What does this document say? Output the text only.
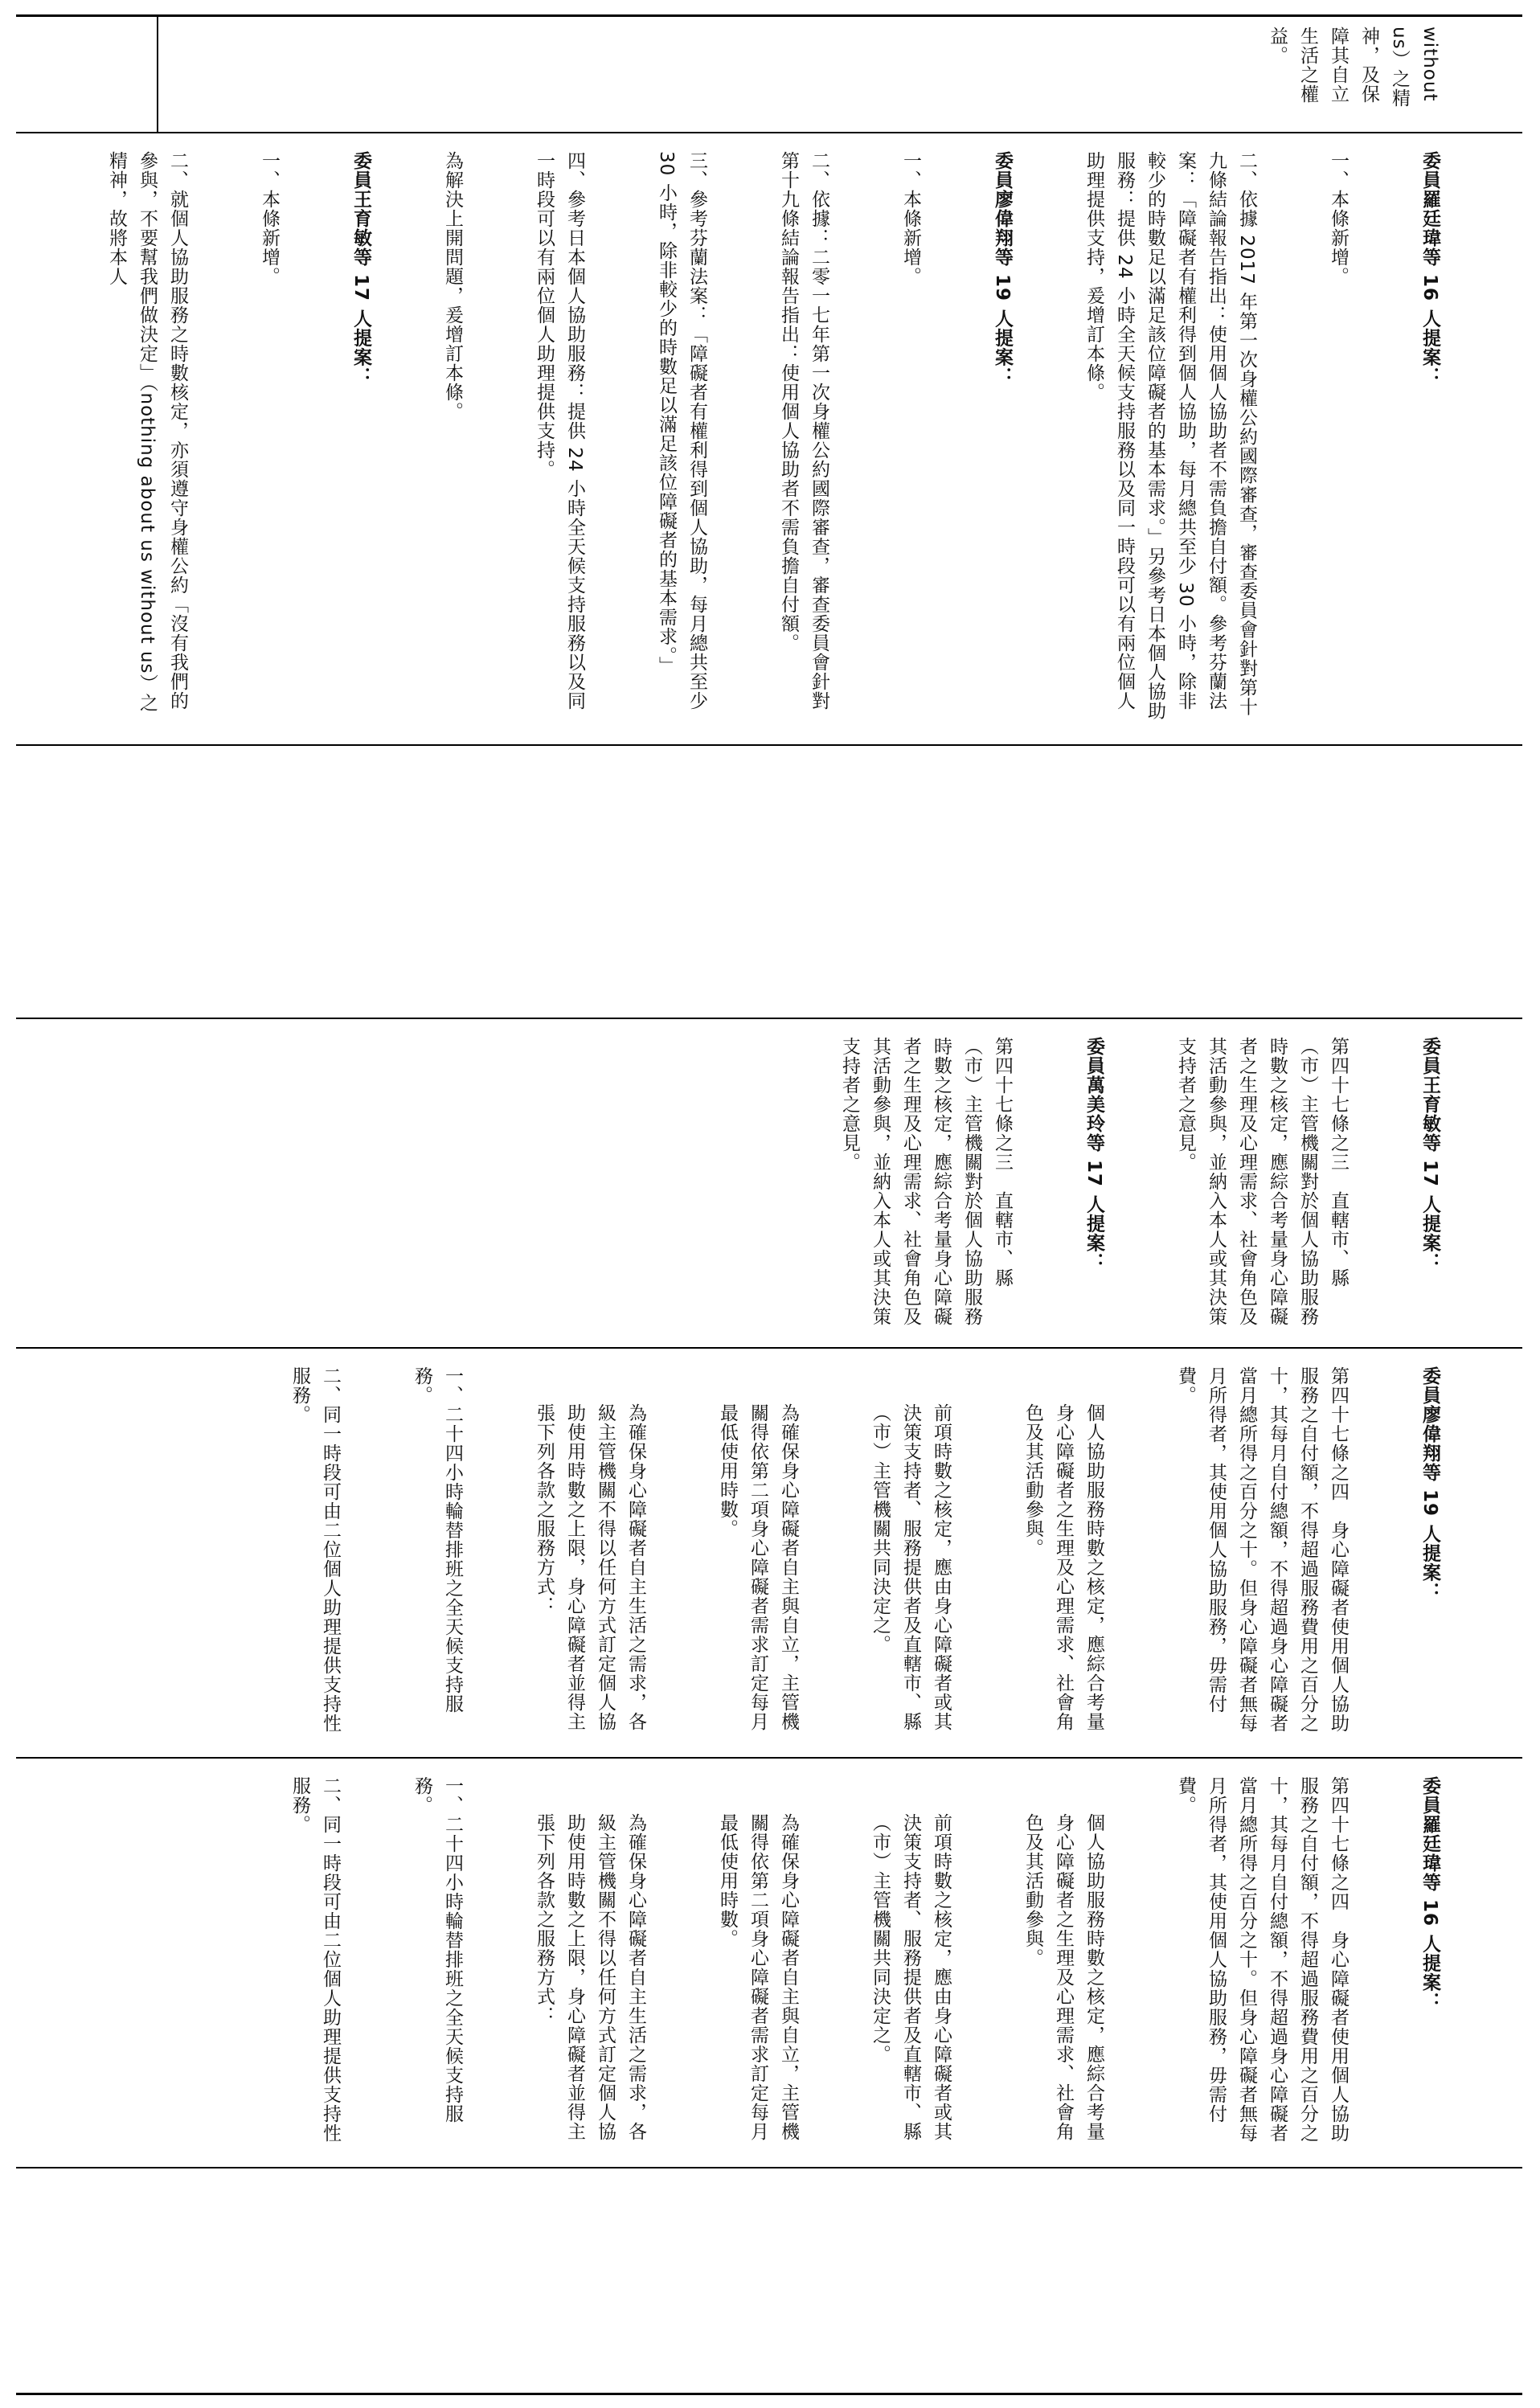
without us）之精神，及保障其自立生活之權益。

委員羅廷瑋等 16 人提案：

一、本條新增。

二、依據 2017 年第一次身權公約國際審查，審查委員會針對第十九條結論報告指出：使用個人協助者不需負擔自付額。參考芬蘭法案：「障礙者有權利得到個人協助，每月總共至少 30 小時，除非較少的時數足以滿足該位障礙者的基本需求。」另參考日本個人協助服務：提供 24 小時全天候支持服務以及同一時段可以有兩位個人助理提供支持，爰增訂本條。

委員廖偉翔等 19 人提案：

一、本條新增。

二、依據：二零一七年第一次身權公約國際審查，審查委員會針對第十九條結論報告指出：使用個人協助者不需負擔自付額。

三、參考芬蘭法案：「障礙者有權利得到個人協助，每月總共至少 30 小時，除非較少的時數足以滿足該位障礙者的基本需求。」

四、參考日本個人協助服務：提供 24 小時全天候支持服務以及同一時段可以有兩位個人助理提供支持。

為解決上開問題，爰增訂本條。

委員王育敏等 17 人提案：

一、本條新增。

二、就個人協助服務之時數核定，亦須遵守身權公約「沒有我們的參與，不要幫我們做決定」（nothing about us without us）之精神，故將本人

委員王育敏等 17 人提案：

第四十七條之三　直轄市、縣（市）主管機關對於個人協助服務時數之核定，應綜合考量身心障礙者之生理及心理需求、社會角色及其活動參與，並納入本人或其決策支持者之意見。

委員萬美玲等 17 人提案：

第四十七條之三　直轄市、縣（市）主管機關對於個人協助服務時數之核定，應綜合考量身心障礙者之生理及心理需求、社會角色及其活動參與，並納入本人或其決策支持者之意見。

委員廖偉翔等 19 人提案：

第四十七條之四　身心障礙者使用個人協助服務之自付額，不得超過服務費用之百分之十，其每月自付總額，不得超過身心障礙者當月總所得之百分之十。但身心障礙者無每月所得者，其使用個人協助服務，毋需付費。

個人協助服務時數之核定，應綜合考量身心障礙者之生理及心理需求、社會角色及其活動參與。

前項時數之核定，應由身心障礙者或其決策支持者、服務提供者及直轄市、縣（市）主管機關共同決定之。

為確保身心障礙者自主與自立，主管機關得依第二項身心障礙者需求訂定每月最低使用時數。

為確保身心障礙者自主生活之需求，各級主管機關不得以任何方式訂定個人協助使用時數之上限，身心障礙者並得主張下列各款之服務方式：

一、二十四小時輪替排班之全天候支持服務。

二、同一時段可由二位個人助理提供支持性服務。

委員羅廷瑋等 16 人提案：

第四十七條之四　身心障礙者使用個人協助服務之自付額，不得超過服務費用之百分之十，其每月自付總額，不得超過身心障礙者當月總所得之百分之十。但身心障礙者無每月所得者，其使用個人協助服務，毋需付費。

個人協助服務時數之核定，應綜合考量身心障礙者之生理及心理需求、社會角色及其活動參與。

前項時數之核定，應由身心障礙者或其決策支持者、服務提供者及直轄市、縣（市）主管機關共同決定之。

為確保身心障礙者自主與自立，主管機關得依第二項身心障礙者需求訂定每月最低使用時數。

為確保身心障礙者自主生活之需求，各級主管機關不得以任何方式訂定個人協助使用時數之上限，身心障礙者並得主張下列各款之服務方式：

一、二十四小時輪替排班之全天候支持服務。

二、同一時段可由二位個人助理提供支持性服務。
